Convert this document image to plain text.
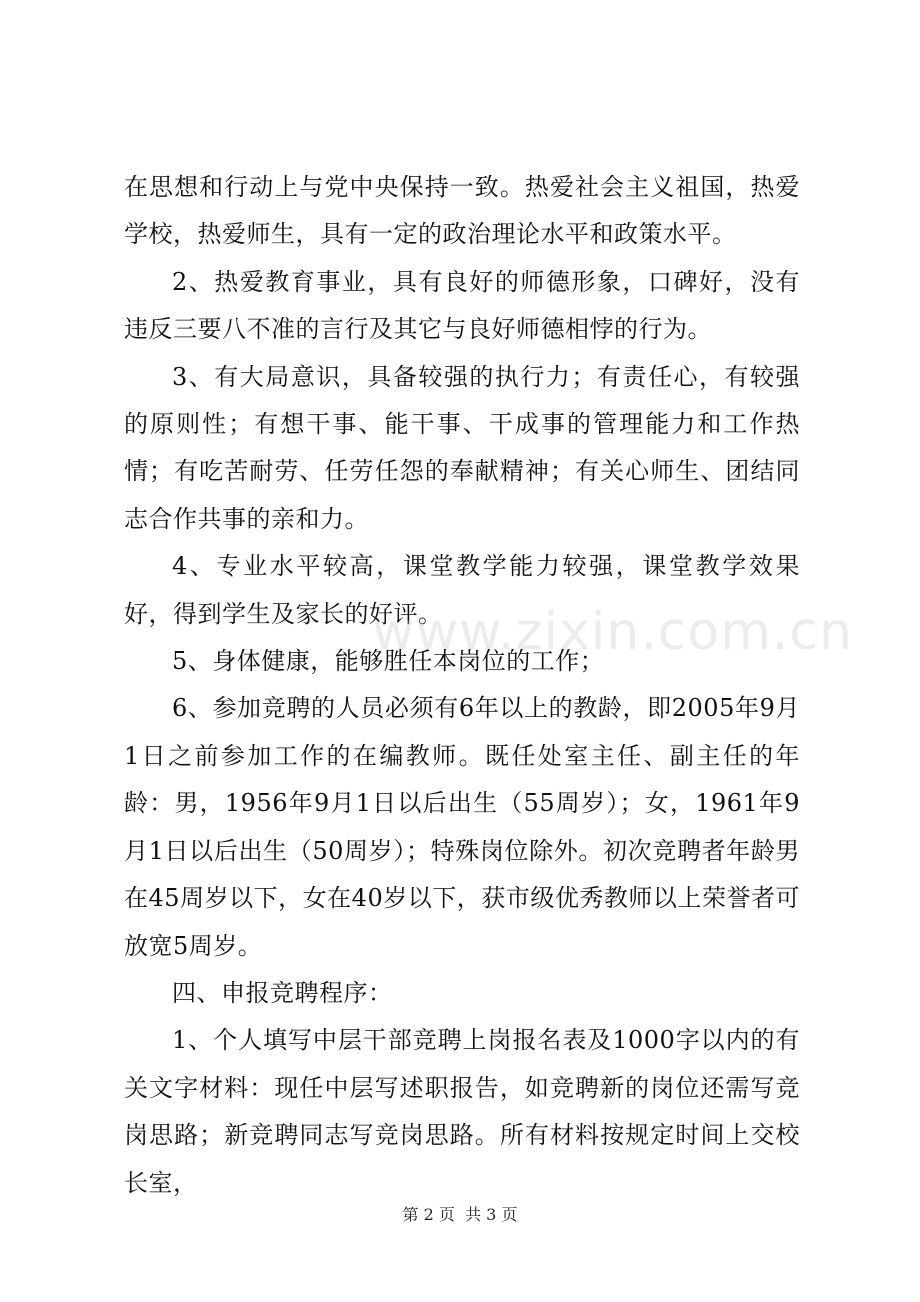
在思想和行动上与党中央保持一致。热爱社会主义祖国，热爱学校，热爱师生，具有一定的政治理论水平和政策水平。

2、热爱教育事业，具有良好的师德形象，口碑好，没有违反三要八不准的言行及其它与良好师德相悖的行为。

3、有大局意识，具备较强的执行力；有责任心，有较强的原则性；有想干事、能干事、干成事的管理能力和工作热情；有吃苦耐劳、任劳任怨的奉献精神；有关心师生、团结同志合作共事的亲和力。

4、专业水平较高，课堂教学能力较强，课堂教学效果好，得到学生及家长的好评。

5、身体健康，能够胜任本岗位的工作；

6、参加竞聘的人员必须有6年以上的教龄，即2005年9月1日之前参加工作的在编教师。既任处室主任、副主任的年龄：男，1956年9月1日以后出生（55周岁）；女，1961年9月1日以后出生（50周岁）；特殊岗位除外。初次竞聘者年龄男在45周岁以下，女在40岁以下，获市级优秀教师以上荣誉者可放宽5周岁。

四、申报竞聘程序：

1、个人填写中层干部竞聘上岗报名表及1000字以内的有关文字材料：现任中层写述职报告，如竞聘新的岗位还需写竞岗思路；新竞聘同志写竞岗思路。所有材料按规定时间上交校长室，

www.zixin.com.cn
第 2 页  共 3 页
